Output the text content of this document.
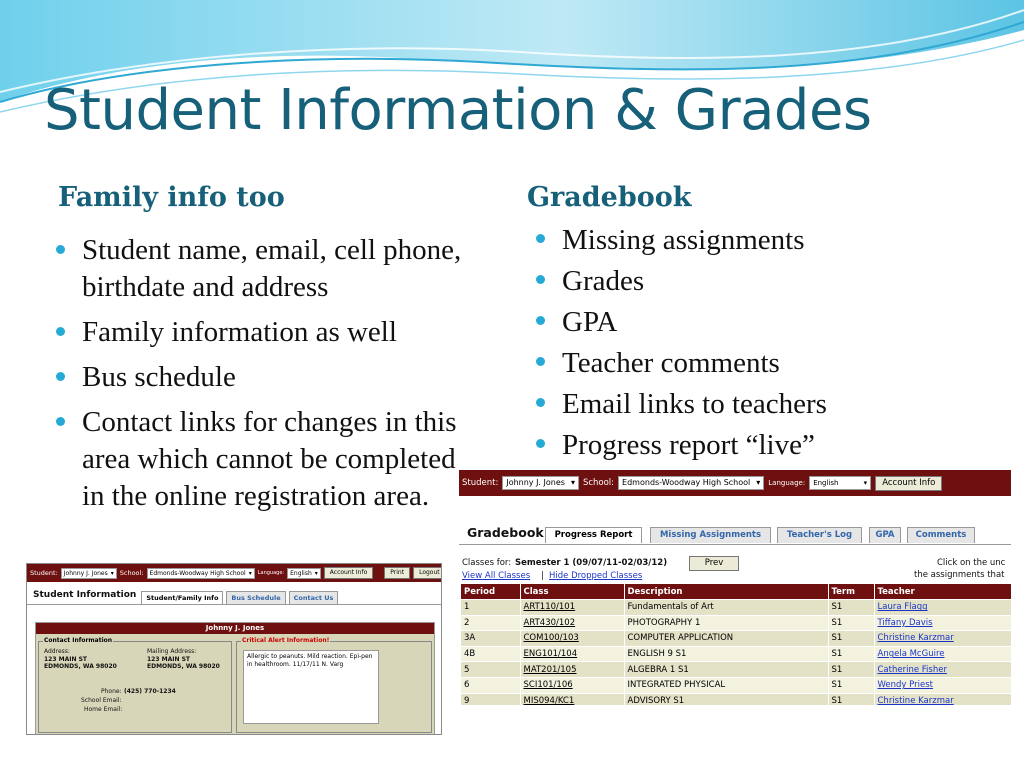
Student Information & Grades
Family info too
Student name, email, cell phone, birthdate and address
Family information as well
Bus schedule
Contact links for changes in this area which cannot be completed in the online registration area.
Gradebook
Missing assignments
Grades
GPA
Teacher comments
Email links to teachers
Progress report “live”
Student: Johnny J. Jones ▾ School: Edmonds-Woodway High School ▾ Language: English ▾	Account Info	Print	Logout
Student Information	Student/Family Info	Bus Schedule	Contact Us
Johnny J. Jones
Contact Information
Address:
123 MAIN ST
EDMONDS, WA 98020
Mailing Address:
123 MAIN ST
EDMONDS, WA 98020
Phone: (425) 770-1234
School Email:
Home Email:
Critical Alert Information!
Allergic to peanuts. Mild reaction. Epi-pen in healthroom. 11/17/11 N. Varg
Student: Johnny J. Jones ▾ School: Edmonds-Woodway High School ▾ Language: English	▾	Account Info
Gradebook	Progress Report	Missing Assignments	Teacher's Log	GPA	Comments
Classes for: Semester 1 (09/07/11-02/03/12)	Prev
View All Classes | Hide Dropped Classes
Click on the unc
the assignments that
Period	Class	Description	Term	Teacher
1	ART110/101	Fundamentals of Art	S1	Laura Flagg
2	ART430/102	PHOTOGRAPHY 1	S1	Tiffany Davis
3A	COM100/103	COMPUTER APPLICATION	S1	Christine Karzmar
4B	ENG101/104	ENGLISH 9 S1	S1	Angela McGuire
5	MAT201/105	ALGEBRA 1 S1	S1	Catherine Fisher
6	SCI101/106	INTEGRATED PHYSICAL	S1	Wendy Priest
9	MIS094/KC1	ADVISORY S1	S1	Christine Karzmar
